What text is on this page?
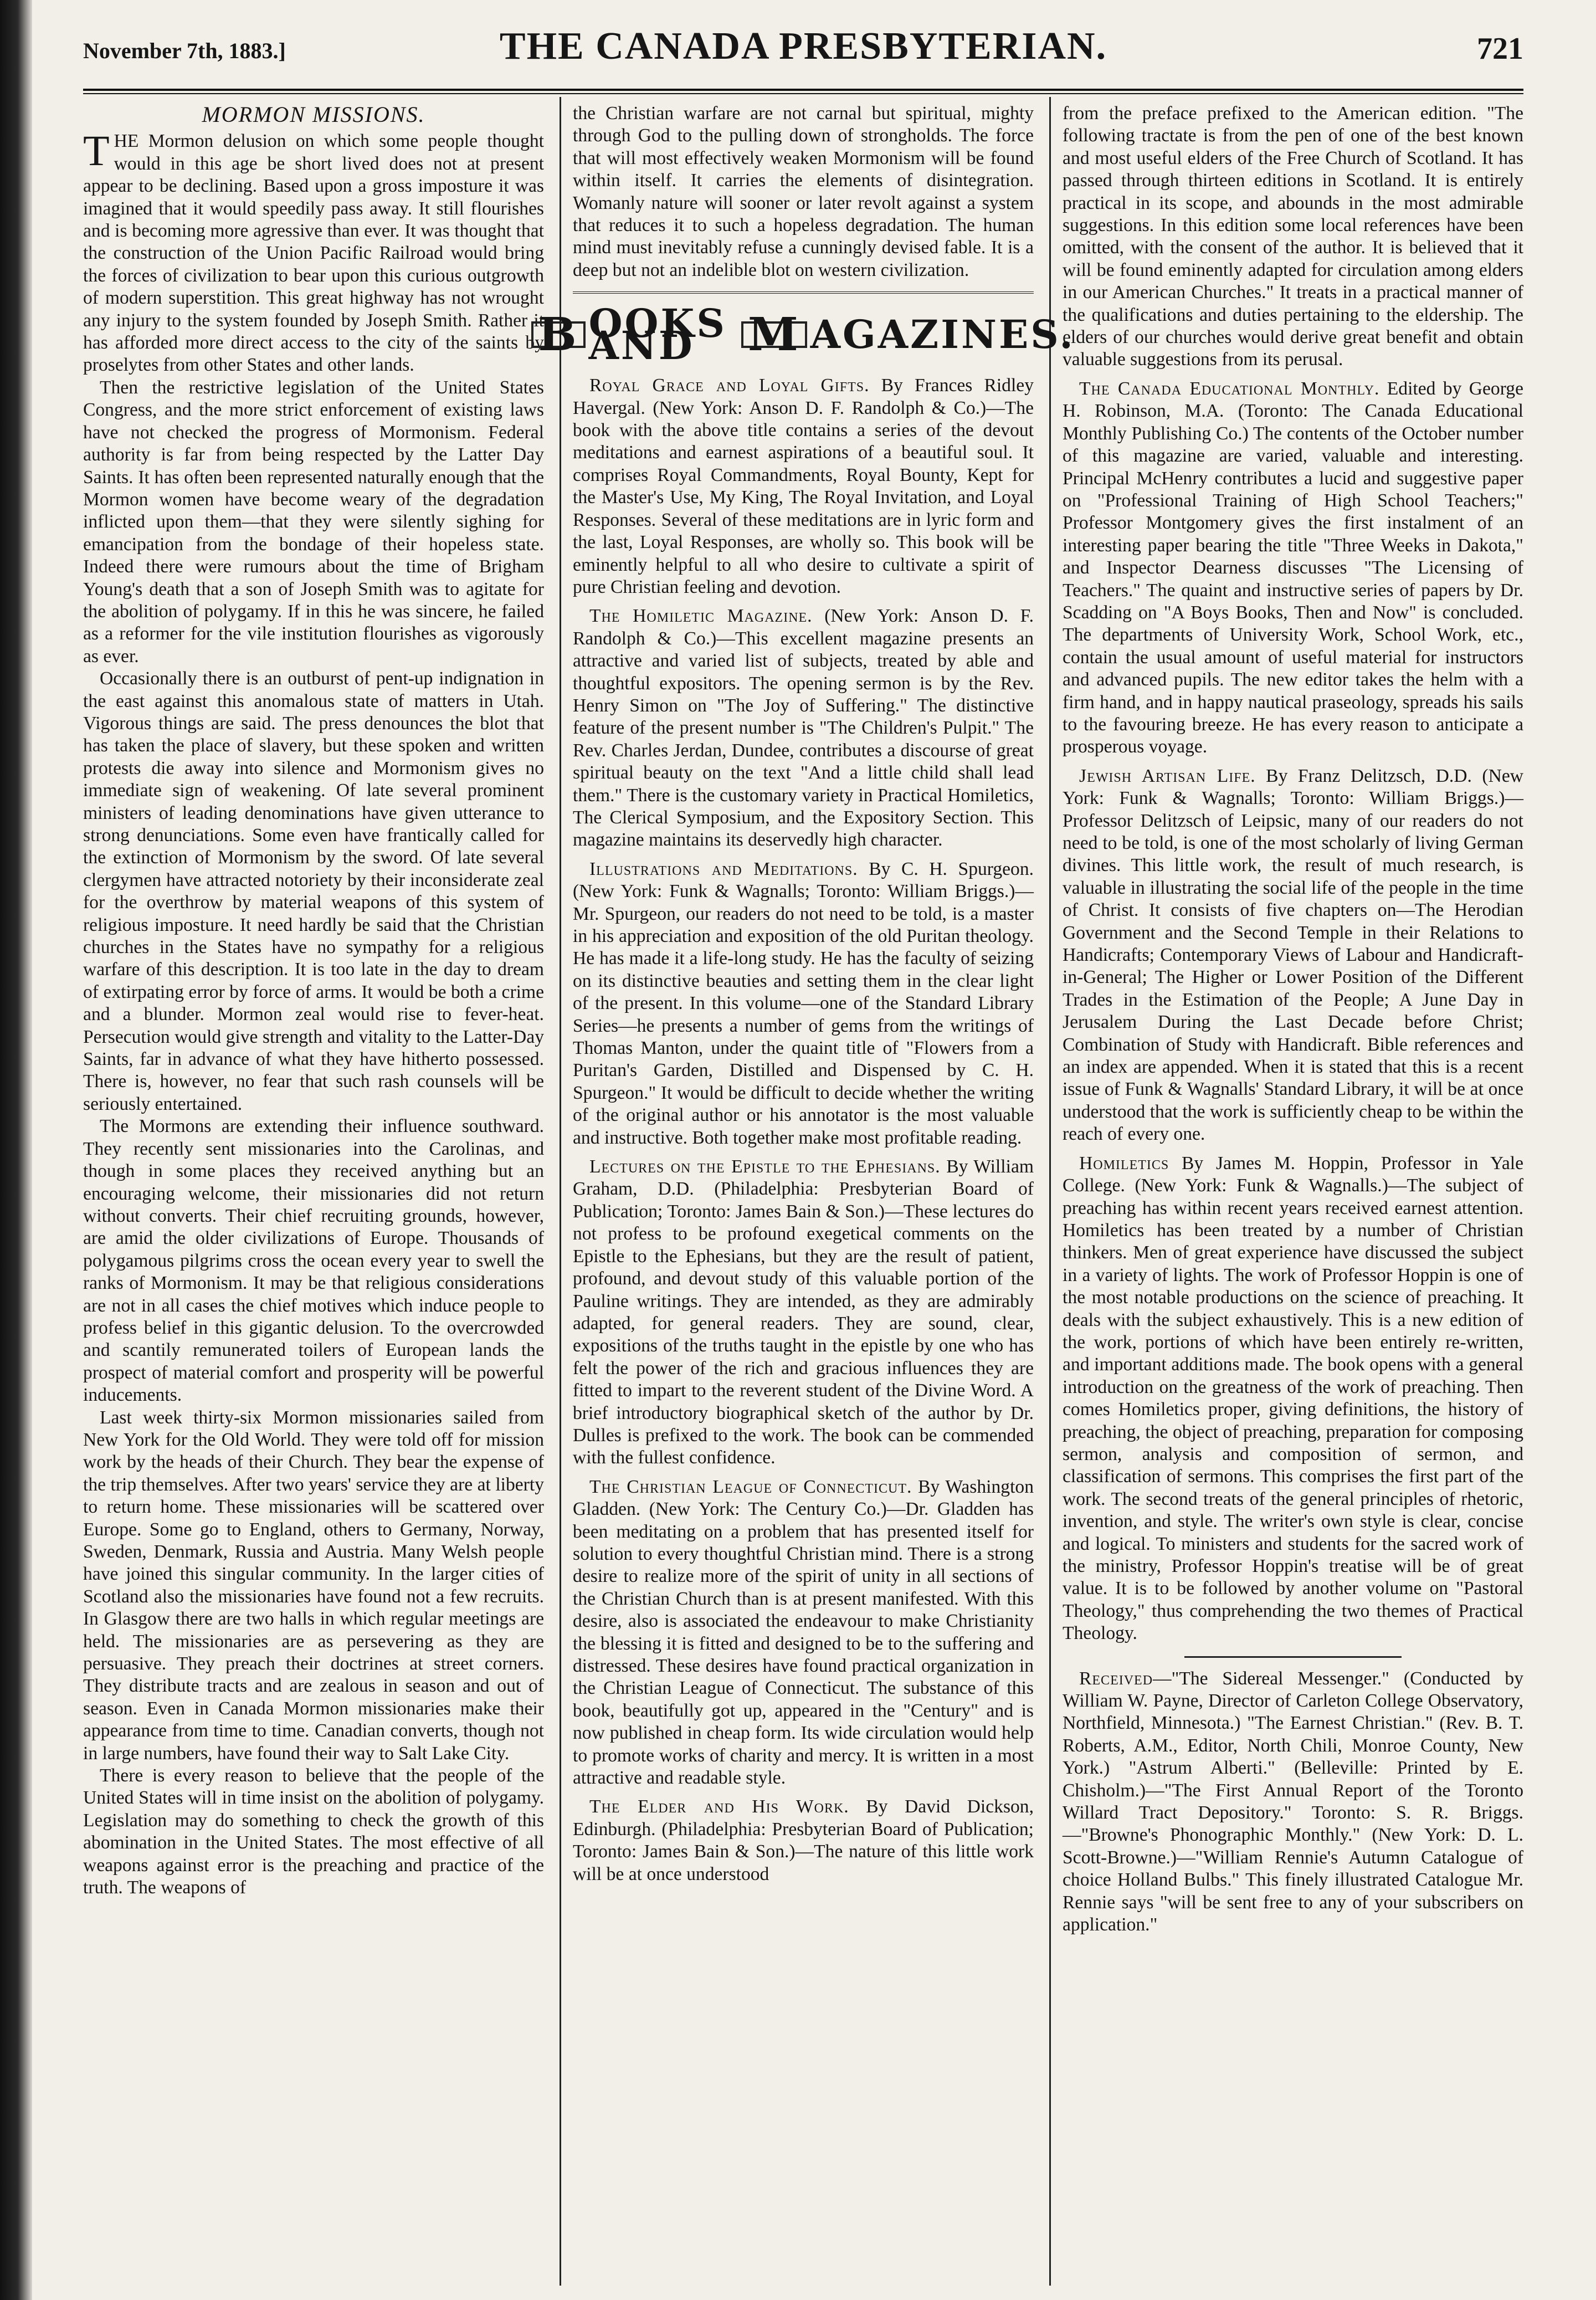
November 7th, 1883.]	THE CANADA PRESBYTERIAN.	721
MORMON MISSIONS.

THE Mormon delusion on which some people thought would in this age be short lived does not at present appear to be declining. Based upon a gross imposture it was imagined that it would speedily pass away. It still flourishes and is becoming more agressive than ever. It was thought that the construction of the Union Pacific Railroad would bring the forces of civilization to bear upon this curious outgrowth of modern superstition. This great highway has not wrought any injury to the system founded by Joseph Smith. Rather it has afforded more direct access to the city of the saints by proselytes from other States and other lands.

Then the restrictive legislation of the United States Congress, and the more strict enforcement of existing laws have not checked the progress of Mormonism. Federal authority is far from being respected by the Latter Day Saints. It has often been represented naturally enough that the Mormon women have become weary of the degradation inflicted upon them—that they were silently sighing for emancipation from the bondage of their hopeless state. Indeed there were rumours about the time of Brigham Young's death that a son of Joseph Smith was to agitate for the abolition of polygamy. If in this he was sincere, he failed as a reformer for the vile institution flourishes as vigorously as ever.

Occasionally there is an outburst of pent-up indignation in the east against this anomalous state of matters in Utah. Vigorous things are said. The press denounces the blot that has taken the place of slavery, but these spoken and written protests die away into silence and Mormonism gives no immediate sign of weakening. Of late several prominent ministers of leading denominations have given utterance to strong denunciations. Some even have frantically called for the extinction of Mormonism by the sword. Of late several clergymen have attracted notoriety by their inconsiderate zeal for the overthrow by material weapons of this system of religious imposture. It need hardly be said that the Christian churches in the States have no sympathy for a religious warfare of this description. It is too late in the day to dream of extirpating error by force of arms. It would be both a crime and a blunder. Mormon zeal would rise to fever-heat. Persecution would give strength and vitality to the Latter-Day Saints, far in advance of what they have hitherto possessed. There is, however, no fear that such rash counsels will be seriously entertained.

The Mormons are extending their influence southward. They recently sent missionaries into the Carolinas, and though in some places they received anything but an encouraging welcome, their missionaries did not return without converts. Their chief recruiting grounds, however, are amid the older civilizations of Europe. Thousands of polygamous pilgrims cross the ocean every year to swell the ranks of Mormonism. It may be that religious considerations are not in all cases the chief motives which induce people to profess belief in this gigantic delusion. To the overcrowded and scantily remunerated toilers of European lands the prospect of material comfort and prosperity will be powerful inducements.

Last week thirty-six Mormon missionaries sailed from New York for the Old World. They were told off for mission work by the heads of their Church. They bear the expense of the trip themselves. After two years' service they are at liberty to return home. These missionaries will be scattered over Europe. Some go to England, others to Germany, Norway, Sweden, Denmark, Russia and Austria. Many Welsh people have joined this singular community. In the larger cities of Scotland also the missionaries have found not a few recruits. In Glasgow there are two halls in which regular meetings are held. The missionaries are as persevering as they are persuasive. They preach their doctrines at street corners. They distribute tracts and are zealous in season and out of season. Even in Canada Mormon missionaries make their appearance from time to time. Canadian converts, though not in large numbers, have found their way to Salt Lake City.

There is every reason to believe that the people of the United States will in time insist on the abolition of polygamy. Legislation may do something to check the growth of this abomination in the United States. The most effective of all weapons against error is the preaching and practice of the truth. The weapons of

the Christian warfare are not carnal but spiritual, mighty through God to the pulling down of strongholds. The force that will most effectively weaken Mormonism will be found within itself. It carries the elements of disintegration. Womanly nature will sooner or later revolt against a system that reduces it to such a hopeless degradation. The human mind must inevitably refuse a cunningly devised fable. It is a deep but not an indelible blot on western civilization.

B OOKS AND	M AGAZINES.

Royal Grace and Loyal Gifts. By Frances Ridley Havergal. (New York: Anson D. F. Randolph & Co.)—The book with the above title contains a series of the devout meditations and earnest aspirations of a beautiful soul. It comprises Royal Commandments, Royal Bounty, Kept for the Master's Use, My King, The Royal Invitation, and Loyal Responses. Several of these meditations are in lyric form and the last, Loyal Responses, are wholly so. This book will be eminently helpful to all who desire to cultivate a spirit of pure Christian feeling and devotion.

The Homiletic Magazine. (New York: Anson D. F. Randolph & Co.)—This excellent magazine presents an attractive and varied list of subjects, treated by able and thoughtful expositors. The opening sermon is by the Rev. Henry Simon on "The Joy of Suffering." The distinctive feature of the present number is "The Children's Pulpit." The Rev. Charles Jerdan, Dundee, contributes a discourse of great spiritual beauty on the text "And a little child shall lead them." There is the customary variety in Practical Homiletics, The Clerical Symposium, and the Expository Section. This magazine maintains its deservedly high character.

Illustrations and Meditations. By C. H. Spurgeon. (New York: Funk & Wagnalls; Toronto: William Briggs.)—Mr. Spurgeon, our readers do not need to be told, is a master in his appreciation and exposition of the old Puritan theology. He has made it a life-long study. He has the faculty of seizing on its distinctive beauties and setting them in the clear light of the present. In this volume—one of the Standard Library Series—he presents a number of gems from the writings of Thomas Manton, under the quaint title of "Flowers from a Puritan's Garden, Distilled and Dispensed by C. H. Spurgeon." It would be difficult to decide whether the writing of the original author or his annotator is the most valuable and instructive. Both together make most profitable reading.

Lectures on the Epistle to the Ephesians. By William Graham, D.D. (Philadelphia: Presbyterian Board of Publication; Toronto: James Bain & Son.)—These lectures do not profess to be profound exegetical comments on the Epistle to the Ephesians, but they are the result of patient, profound, and devout study of this valuable portion of the Pauline writings. They are intended, as they are admirably adapted, for general readers. They are sound, clear, expositions of the truths taught in the epistle by one who has felt the power of the rich and gracious influences they are fitted to impart to the reverent student of the Divine Word. A brief introductory biographical sketch of the author by Dr. Dulles is prefixed to the work. The book can be commended with the fullest confidence.

The Christian League of Connecticut. By Washington Gladden. (New York: The Century Co.)—Dr. Gladden has been meditating on a problem that has presented itself for solution to every thoughtful Christian mind. There is a strong desire to realize more of the spirit of unity in all sections of the Christian Church than is at present manifested. With this desire, also is associated the endeavour to make Christianity the blessing it is fitted and designed to be to the suffering and distressed. These desires have found practical organization in the Christian League of Connecticut. The substance of this book, beautifully got up, appeared in the "Century" and is now published in cheap form. Its wide circulation would help to promote works of charity and mercy. It is written in a most attractive and readable style.

The Elder and His Work. By David Dickson, Edinburgh. (Philadelphia: Presbyterian Board of Publication; Toronto: James Bain & Son.)—The nature of this little work will be at once understood

from the preface prefixed to the American edition. "The following tractate is from the pen of one of the best known and most useful elders of the Free Church of Scotland. It has passed through thirteen editions in Scotland. It is entirely practical in its scope, and abounds in the most admirable suggestions. In this edition some local references have been omitted, with the consent of the author. It is believed that it will be found eminently adapted for circulation among elders in our American Churches." It treats in a practical manner of the qualifications and duties pertaining to the eldership. The elders of our churches would derive great benefit and obtain valuable suggestions from its perusal.

The Canada Educational Monthly. Edited by George H. Robinson, M.A. (Toronto: The Canada Educational Monthly Publishing Co.) The contents of the October number of this magazine are varied, valuable and interesting. Principal McHenry contributes a lucid and suggestive paper on "Professional Training of High School Teachers;" Professor Montgomery gives the first instalment of an interesting paper bearing the title "Three Weeks in Dakota," and Inspector Dearness discusses "The Licensing of Teachers." The quaint and instructive series of papers by Dr. Scadding on "A Boys Books, Then and Now" is concluded. The departments of University Work, School Work, etc., contain the usual amount of useful material for instructors and advanced pupils. The new editor takes the helm with a firm hand, and in happy nautical praseology, spreads his sails to the favouring breeze. He has every reason to anticipate a prosperous voyage.

Jewish Artisan Life. By Franz Delitzsch, D.D. (New York: Funk & Wagnalls; Toronto: William Briggs.)—Professor Delitzsch of Leipsic, many of our readers do not need to be told, is one of the most scholarly of living German divines. This little work, the result of much research, is valuable in illustrating the social life of the people in the time of Christ. It consists of five chapters on—The Herodian Government and the Second Temple in their Relations to Handicrafts; Contemporary Views of Labour and Handicraft-in-General; The Higher or Lower Position of the Different Trades in the Estimation of the People; A June Day in Jerusalem During the Last Decade before Christ; Combination of Study with Handicraft. Bible references and an index are appended. When it is stated that this is a recent issue of Funk & Wagnalls' Standard Library, it will be at once understood that the work is sufficiently cheap to be within the reach of every one.

Homiletics By James M. Hoppin, Professor in Yale College. (New York: Funk & Wagnalls.)—The subject of preaching has within recent years received earnest attention. Homiletics has been treated by a number of Christian thinkers. Men of great experience have discussed the subject in a variety of lights. The work of Professor Hoppin is one of the most notable productions on the science of preaching. It deals with the subject exhaustively. This is a new edition of the work, portions of which have been entirely re-written, and important additions made. The book opens with a general introduction on the greatness of the work of preaching. Then comes Homiletics proper, giving definitions, the history of preaching, the object of preaching, preparation for composing sermon, analysis and composition of sermon, and classification of sermons. This comprises the first part of the work. The second treats of the general principles of rhetoric, invention, and style. The writer's own style is clear, concise and logical. To ministers and students for the sacred work of the ministry, Professor Hoppin's treatise will be of great value. It is to be followed by another volume on "Pastoral Theology," thus comprehending the two themes of Practical Theology.

Received—"The Sidereal Messenger." (Conducted by William W. Payne, Director of Carleton College Observatory, Northfield, Minnesota.) "The Earnest Christian." (Rev. B. T. Roberts, A.M., Editor, North Chili, Monroe County, New York.) "Astrum Alberti." (Belleville: Printed by E. Chisholm.)—"The First Annual Report of the Toronto Willard Tract Depository." Toronto: S. R. Briggs.—"Browne's Phonographic Monthly." (New York: D. L. Scott-Browne.)—"William Rennie's Autumn Catalogue of choice Holland Bulbs." This finely illustrated Catalogue Mr. Rennie says "will be sent free to any of your subscribers on application."
